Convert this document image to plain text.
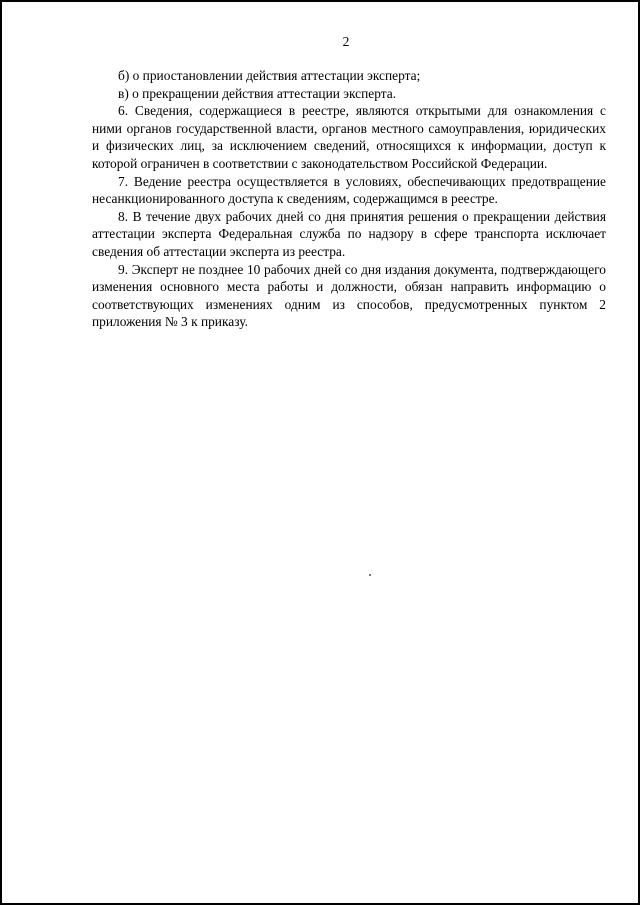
2

б) о приостановлении действия аттестации эксперта;

в) о прекращении действия аттестации эксперта.

6. Сведения, содержащиеся в реестре, являются открытыми для ознакомления с ними органов государственной власти, органов местного самоуправления, юридических и физических лиц, за исключением сведений, относящихся к информации, доступ к которой ограничен в соответствии с законодательством Российской Федерации.

7. Ведение реестра осуществляется в условиях, обеспечивающих предотвращение несанкционированного доступа к сведениям, содержащимся в реестре.

8. В течение двух рабочих дней со дня принятия решения о прекращении действия аттестации эксперта Федеральная служба по надзору в сфере транспорта исключает сведения об аттестации эксперта из реестра.

9. Эксперт не позднее 10 рабочих дней со дня издания документа, подтверждающего изменения основного места работы и должности, обязан направить информацию о соответствующих изменениях одним из способов, предусмотренных пунктом 2 приложения № 3 к приказу.
